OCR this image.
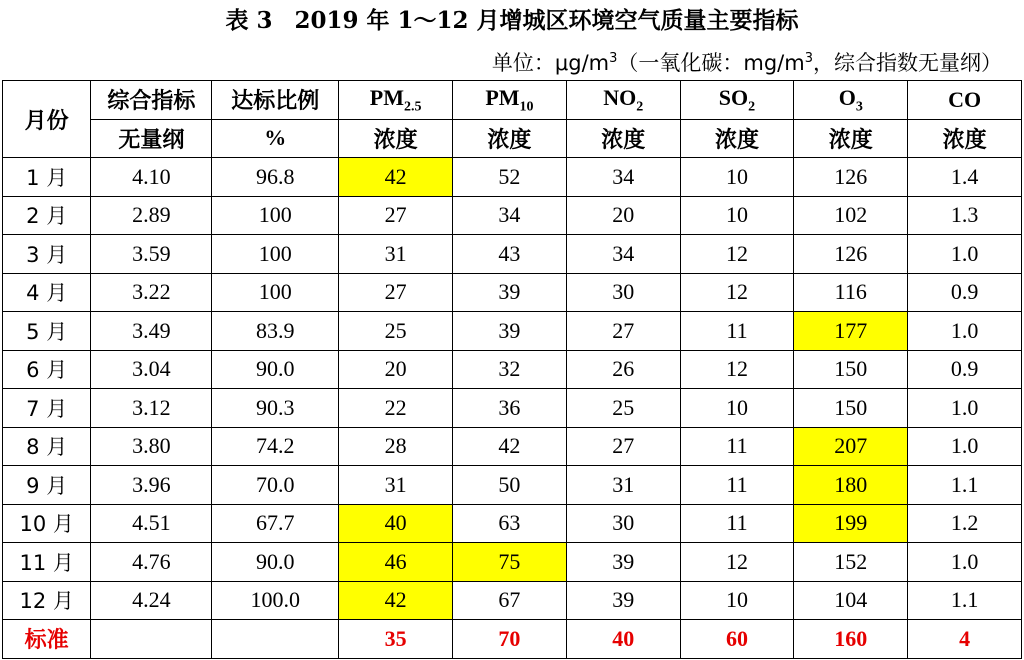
表 3 2019 年 1～12 月增城区环境空气质量主要指标
单位：$\mu g/m^3$（一氧化碳：$mg/m^3$，综合指数无量纲）
月份	综合指标	达标比例	$PM_{2.5}$	$PM_{10}$	$NO_2$	$SO_2$	$O_3$	CO
	无量纲	%	浓度	浓度	浓度	浓度	浓度	浓度
1 月	4.10	96.8	42	52	34	10	126	1.4
2 月	2.89	100	27	34	20	10	102	1.3
3 月	3.59	100	31	43	34	12	126	1.0
4 月	3.22	100	27	39	30	12	116	0.9
5 月	3.49	83.9	25	39	27	11	177	1.0
6 月	3.04	90.0	20	32	26	12	150	0.9
7 月	3.12	90.3	22	36	25	10	150	1.0
8 月	3.80	74.2	28	42	27	11	207	1.0
9 月	3.96	70.0	31	50	31	11	180	1.1
10 月	4.51	67.7	40	63	30	11	199	1.2
11 月	4.76	90.0	46	75	39	12	152	1.0
12 月	4.24	100.0	42	67	39	10	104	1.1
标准			35	70	40	60	160	4
